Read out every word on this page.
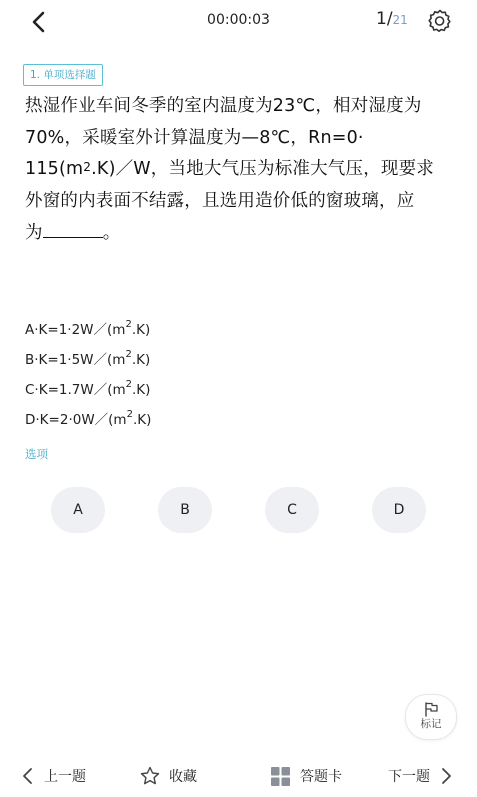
00:00:03	1/21
1. 单项选择题
热湿作业车间冬季的室内温度为23℃，相对湿度为
70%，采暖室外计算温度为—8℃，Rn=0·
$115(m^2.K)/W$，当地大气压为标准大气压，现要求
外窗的内表面不结露，且选用造价低的窗玻璃，应
为	。
$A\cdot K=1\cdot 2W/(m^2.K)$
$B\cdot K=1\cdot 5W/(m^2.K)$
$C\cdot K=1.7W/(m^2.K)$
$D\cdot K=2\cdot 0W/(m^2.K)$
选项
A	B	C	D
标记
上一题	收藏	答题卡	下一题
